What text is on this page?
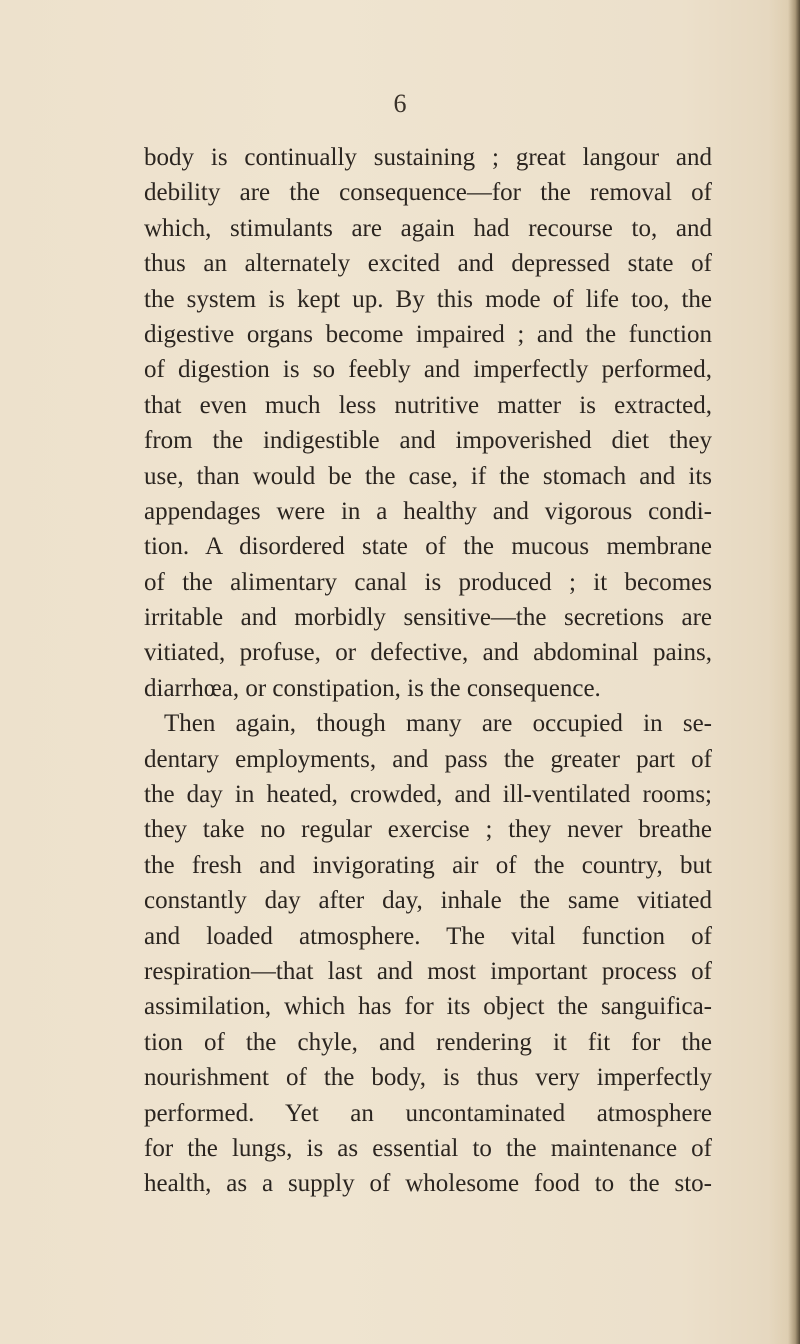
6
body is continually sustaining ; great langour and
debility are the consequence—for the removal of
which, stimulants are again had recourse to, and
thus an alternately excited and depressed state of
the system is kept up. By this mode of life too, the
digestive organs become impaired ; and the function
of digestion is so feebly and imperfectly performed,
that even much less nutritive matter is extracted,
from the indigestible and impoverished diet they
use, than would be the case, if the stomach and its
appendages were in a healthy and vigorous condi-
tion. A disordered state of the mucous membrane
of the alimentary canal is produced ; it becomes
irritable and morbidly sensitive—the secretions are
vitiated, profuse, or defective, and abdominal pains,
diarrhœa, or constipation, is the consequence.
Then again, though many are occupied in se-
dentary employments, and pass the greater part of
the day in heated, crowded, and ill-ventilated rooms;
they take no regular exercise ; they never breathe
the fresh and invigorating air of the country, but
constantly day after day, inhale the same vitiated
and loaded atmosphere. The vital function of
respiration—that last and most important process of
assimilation, which has for its object the sanguifica-
tion of the chyle, and rendering it fit for the
nourishment of the body, is thus very imperfectly
performed. Yet an uncontaminated atmosphere
for the lungs, is as essential to the maintenance of
health, as a supply of wholesome food to the sto-
